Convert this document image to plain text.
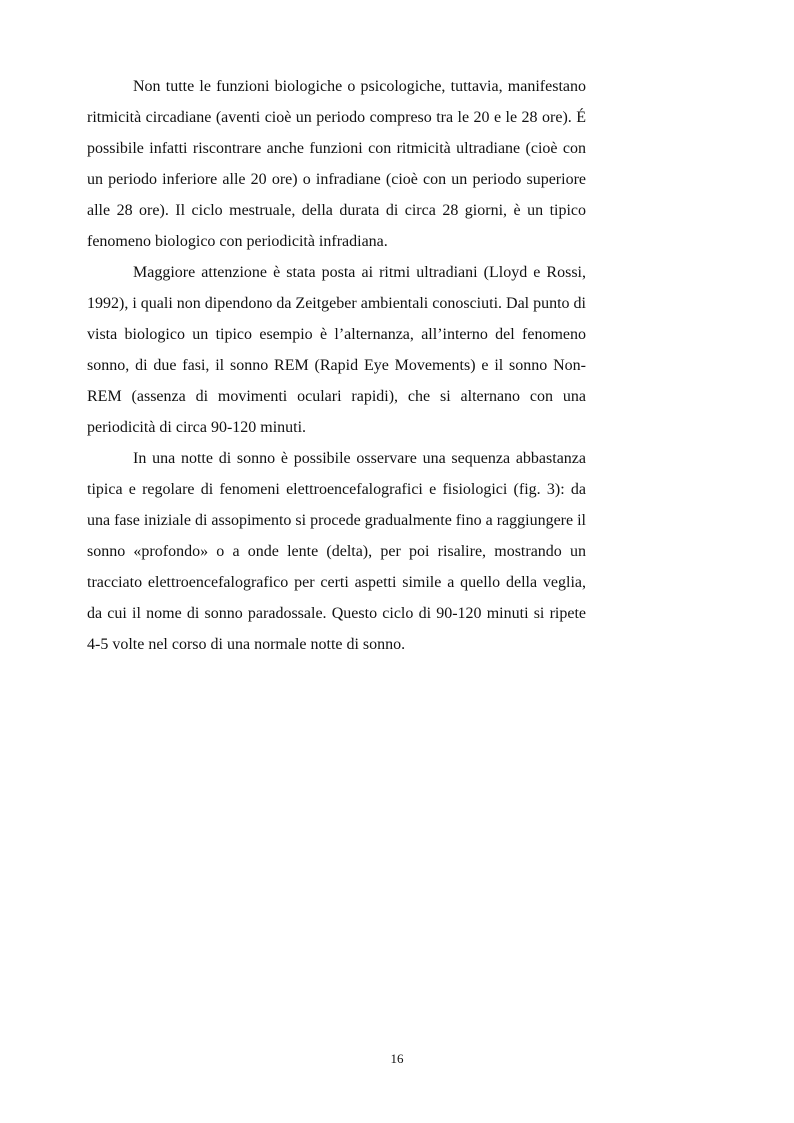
Non tutte le funzioni biologiche o psicologiche, tuttavia, manifestano ritmicità circadiane (aventi cioè un periodo compreso tra le 20 e le 28 ore). É possibile infatti riscontrare anche funzioni con ritmicità ultradiane (cioè con un periodo inferiore alle 20 ore) o infradiane (cioè con un periodo superiore alle 28 ore). Il ciclo mestruale, della durata di circa 28 giorni, è un tipico fenomeno biologico con periodicità infradiana.

Maggiore attenzione è stata posta ai ritmi ultradiani (Lloyd e Rossi, 1992), i quali non dipendono da Zeitgeber ambientali conosciuti. Dal punto di vista biologico un tipico esempio è l’alternanza, all’interno del fenomeno sonno, di due fasi, il sonno REM (Rapid Eye Movements) e il sonno Non-REM (assenza di movimenti oculari rapidi), che si alternano con una periodicità di circa 90-120 minuti.

In una notte di sonno è possibile osservare una sequenza abbastanza tipica e regolare di fenomeni elettroencefalografici e fisiologici (fig. 3): da una fase iniziale di assopimento si procede gradualmente fino a raggiungere il sonno «profondo» o a onde lente (delta), per poi risalire, mostrando un tracciato elettroencefalografico per certi aspetti simile a quello della veglia, da cui il nome di sonno paradossale. Questo ciclo di 90-120 minuti si ripete 4-5 volte nel corso di una normale notte di sonno.

16
